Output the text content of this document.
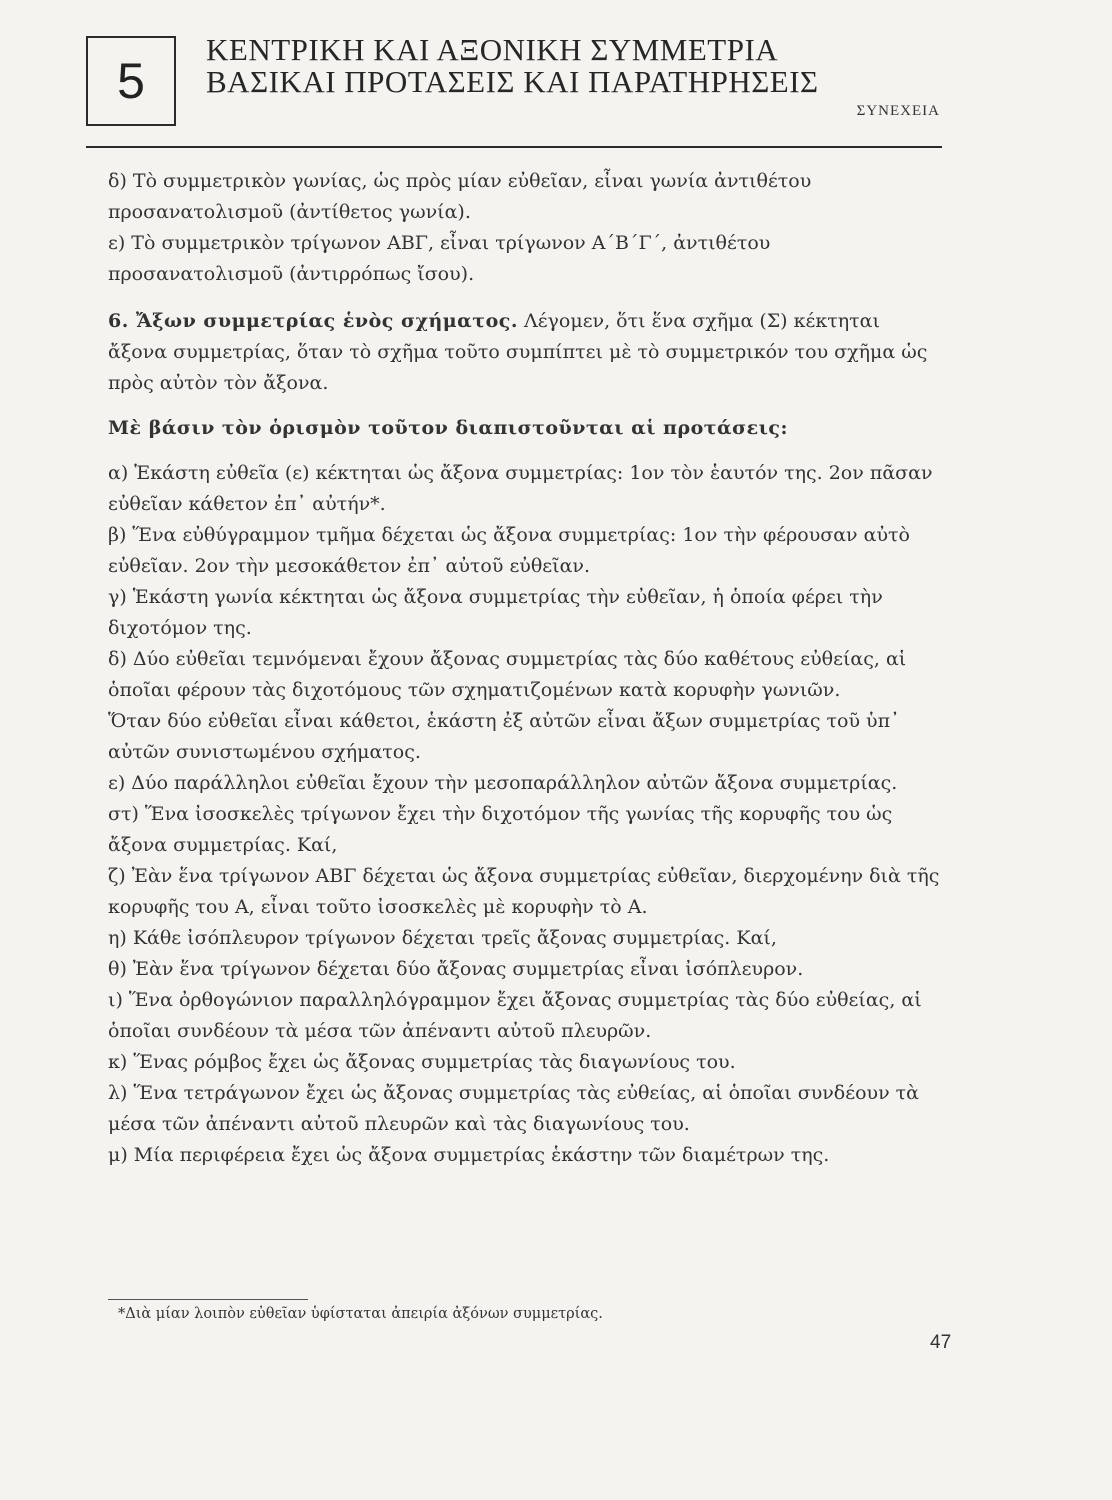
5
ΚΕΝΤΡΙΚΗ ΚΑΙ ΑΞΟΝΙΚΗ ΣΥΜΜΕΤΡΙΑ
ΒΑΣΙΚΑΙ ΠΡΟΤΑΣΕΙΣ ΚΑΙ ΠΑΡΑΤΗΡΗΣΕΙΣ
ΣΥΝΕΧΕΙΑ

δ) Τὸ συμμετρικὸν γωνίας, ὡς πρὸς μίαν εὐθεῖαν, εἶναι γωνία ἀντιθέτου προσανατολισμοῦ (ἀντίθετος γωνία).

ε) Τὸ συμμετρικὸν τρίγωνον ΑΒΓ, εἶναι τρίγωνον Α΄Β΄Γ΄, ἀντιθέτου προσανατολισμοῦ (ἀντιρρόπως ἴσου).

6. Ἄξων συμμετρίας ἑνὸς σχήματος. Λέγομεν, ὅτι ἕνα σχῆμα (Σ) κέκτηται ἄξονα συμμετρίας, ὅταν τὸ σχῆμα τοῦτο συμπίπτει μὲ τὸ συμμετρικόν του σχῆμα ὡς πρὸς αὐτὸν τὸν ἄξονα.

Μὲ βάσιν τὸν ὁρισμὸν τοῦτον διαπιστοῦνται αἱ προτάσεις:

α) Ἑκάστη εὐθεῖα (ε) κέκτηται ὡς ἄξονα συμμετρίας: 1ον τὸν ἑαυτόν της. 2ον πᾶσαν εὐθεῖαν κάθετον ἐπ᾽ αὐτήν*.

β) Ἕνα εὐθύγραμμον τμῆμα δέχεται ὡς ἄξονα συμμετρίας: 1ον τὴν φέρουσαν αὐτὸ εὐθεῖαν. 2ον τὴν μεσοκάθετον ἐπ᾽ αὐτοῦ εὐθεῖαν.

γ) Ἑκάστη γωνία κέκτηται ὡς ἄξονα συμμετρίας τὴν εὐθεῖαν, ἡ ὁποία φέρει τὴν διχοτόμον της.

δ) Δύο εὐθεῖαι τεμνόμεναι ἔχουν ἄξονας συμμετρίας τὰς δύο καθέτους εὐθείας, αἱ ὁποῖαι φέρουν τὰς διχοτόμους τῶν σχηματιζομένων κατὰ κορυφὴν γωνιῶν.

Ὅταν δύο εὐθεῖαι εἶναι κάθετοι, ἑκάστη ἐξ αὐτῶν εἶναι ἄξων συμμετρίας τοῦ ὑπ᾽ αὐτῶν συνιστωμένου σχήματος.

ε) Δύο παράλληλοι εὐθεῖαι ἔχουν τὴν μεσοπαράλληλον αὐτῶν ἄξονα συμμετρίας.

στ) Ἕνα ἰσοσκελὲς τρίγωνον ἔχει τὴν διχοτόμον τῆς γωνίας τῆς κορυφῆς του ὡς ἄξονα συμμετρίας. Καί,

ζ) Ἐὰν ἕνα τρίγωνον ΑΒΓ δέχεται ὡς ἄξονα συμμετρίας εὐθεῖαν, διερχομένην διὰ τῆς κορυφῆς του Α, εἶναι τοῦτο ἰσοσκελὲς μὲ κορυφὴν τὸ Α.

η) Κάθε ἰσόπλευρον τρίγωνον δέχεται τρεῖς ἄξονας συμμετρίας. Καί,

θ) Ἐὰν ἕνα τρίγωνον δέχεται δύο ἄξονας συμμετρίας εἶναι ἰσόπλευρον.

ι) Ἕνα ὀρθογώνιον παραλληλόγραμμον ἔχει ἄξονας συμμετρίας τὰς δύο εὐθείας, αἱ ὁποῖαι συνδέουν τὰ μέσα τῶν ἀπέναντι αὐτοῦ πλευρῶν.

κ) Ἕνας ρόμβος ἔχει ὡς ἄξονας συμμετρίας τὰς διαγωνίους του.

λ) Ἕνα τετράγωνον ἔχει ὡς ἄξονας συμμετρίας τὰς εὐθείας, αἱ ὁποῖαι συνδέουν τὰ μέσα τῶν ἀπέναντι αὐτοῦ πλευρῶν καὶ τὰς διαγωνίους του.

μ) Μία περιφέρεια ἔχει ὡς ἄξονα συμμετρίας ἑκάστην τῶν διαμέτρων της.

*Διὰ μίαν λοιπὸν εὐθεῖαν ὑφίσταται ἀπειρία ἀξόνων συμμετρίας.
47
